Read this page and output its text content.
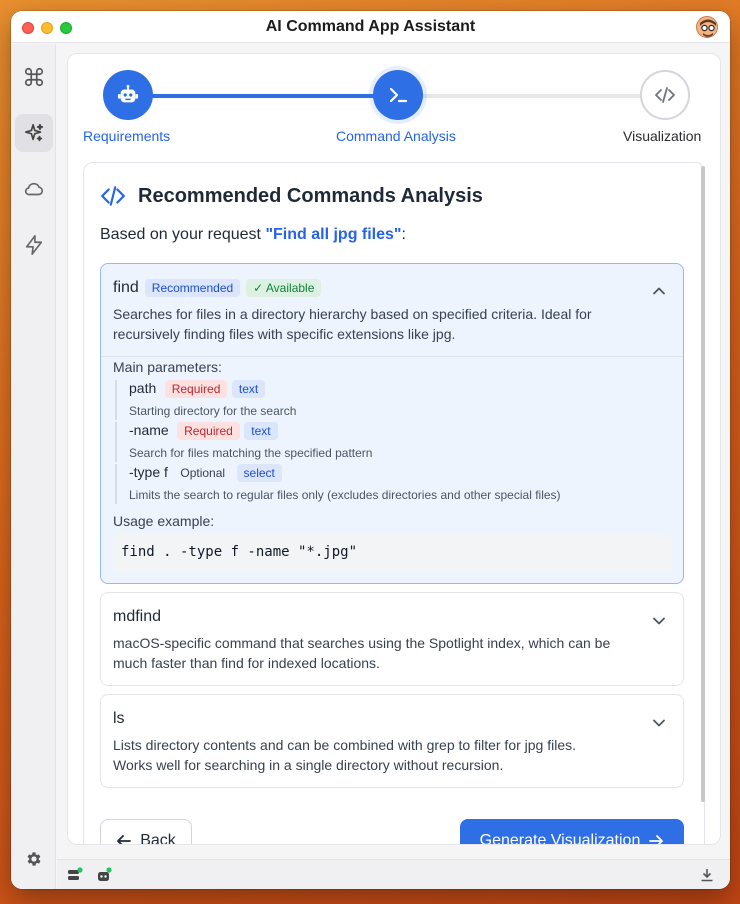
AI Command App Assistant
Requirements	Command Analysis	Visualization
Recommended Commands Analysis
Based on your request "Find all jpg files":
find	Recommended	✓ Available
Searches for files in a directory hierarchy based on specified criteria. Ideal for
recursively finding files with specific extensions like jpg.
Main parameters:
path Required text
Starting directory for the search
-name Required text
Search for files matching the specified pattern
-type f Optional select
Limits the search to regular files only (excludes directories and other special files)
Usage example:
find . -type f -name "*.jpg"
mdfind
macOS-specific command that searches using the Spotlight index, which can be
much faster than find for indexed locations.
ls
Lists directory contents and can be combined with grep to filter for jpg files.
Works well for searching in a single directory without recursion.
Back	Generate Visualization
